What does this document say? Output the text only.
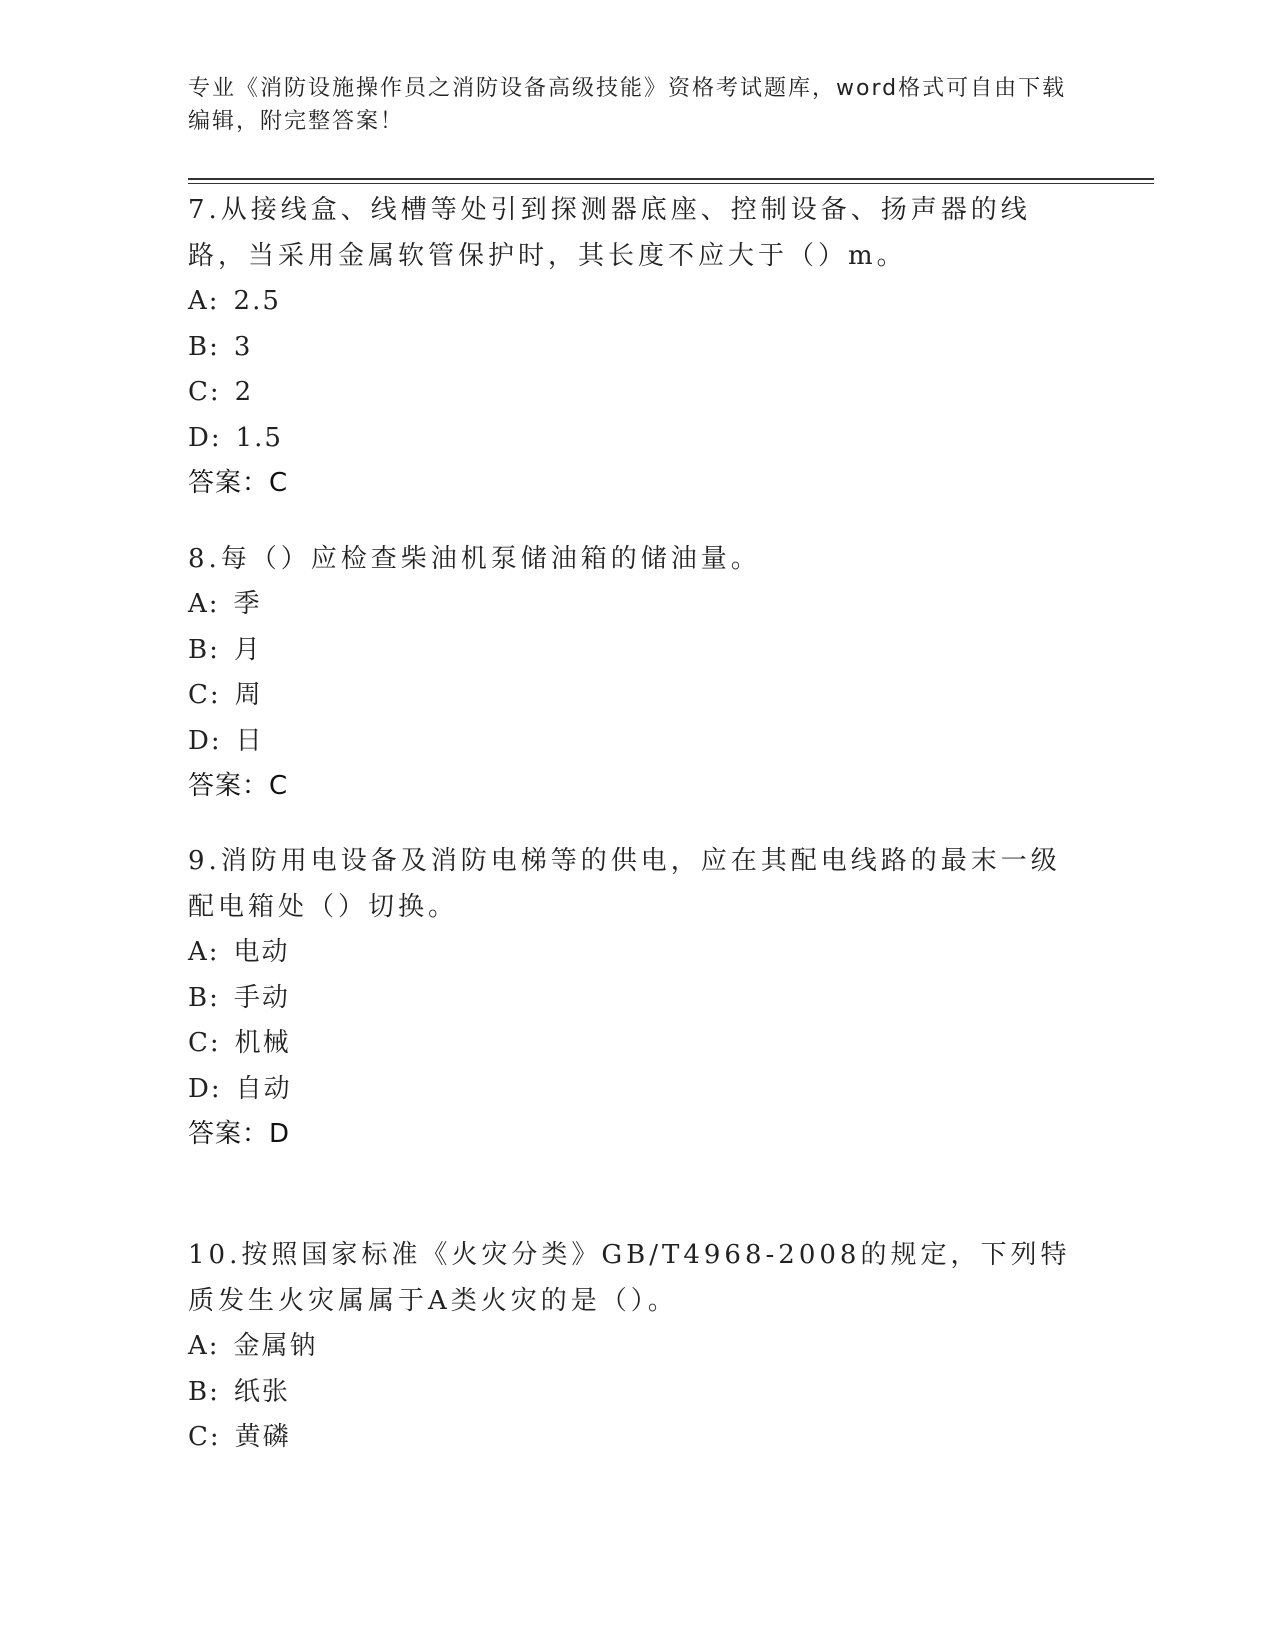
专业《消防设施操作员之消防设备高级技能》资格考试题库，word格式可自由下载编辑，附完整答案！

7.从接线盒、线槽等处引到探测器底座、控制设备、扬声器的线路，当采用金属软管保护时，其长度不应大于（）m。

A: 2.5
B: 3
C: 2
D: 1.5
答案：C

8.每（）应检查柴油机泵储油箱的储油量。

A: 季
B: 月
C: 周
D: 日
答案：C

9.消防用电设备及消防电梯等的供电，应在其配电线路的最末一级配电箱处（）切换。

A: 电动
B: 手动
C: 机械
D: 自动
答案：D

10.按照国家标准《火灾分类》GB/T4968-2008的规定，下列特质发生火灾属属于A类火灾的是（）。

A: 金属钠
B: 纸张
C: 黄磷
